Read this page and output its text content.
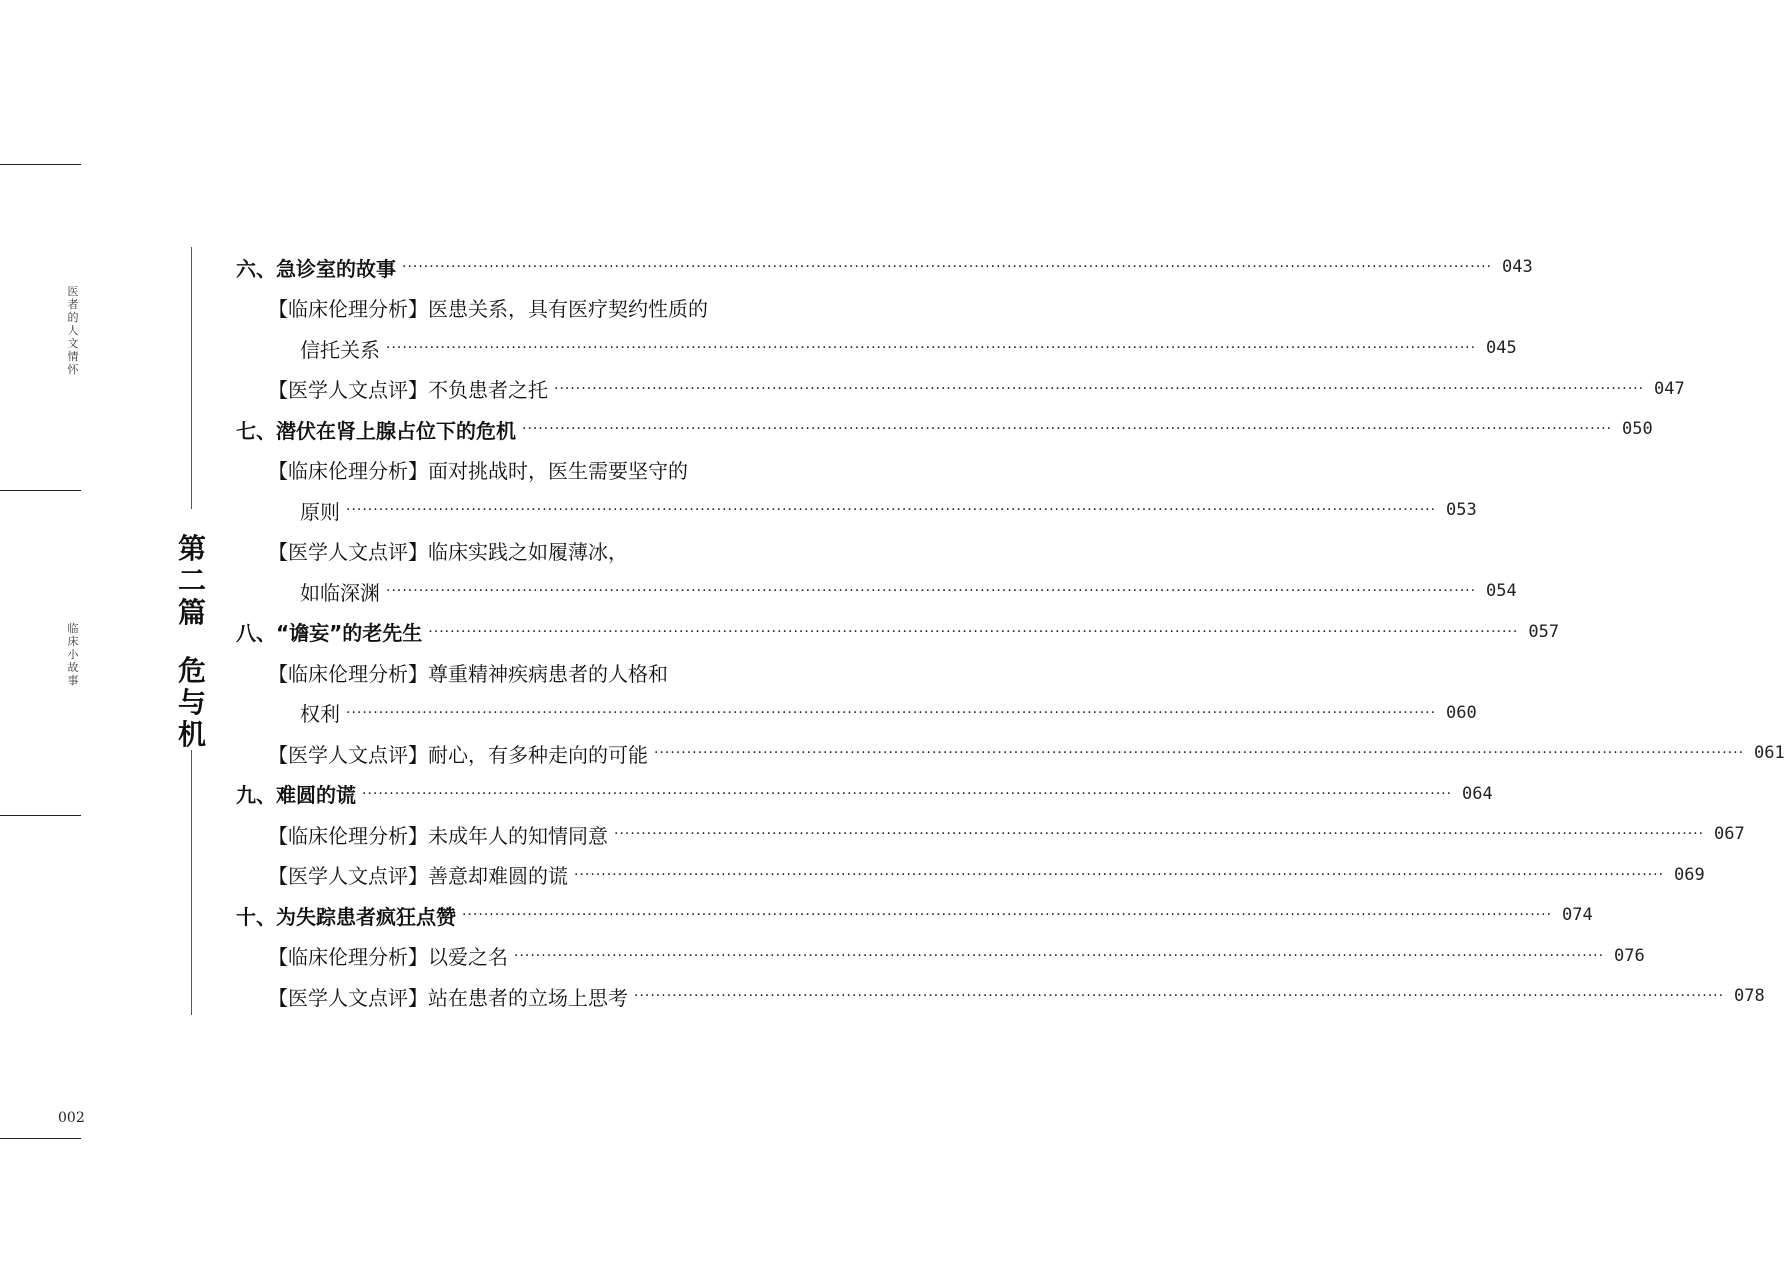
医
者
的
人
文
情
怀
临
床
小
故
事
002
第
二
篇
危
与
机
六、急诊室的故事 ········································································································································································································ 043
【临床伦理分析】医患关系，具有医疗契约性质的
信托关系 ········································································································································································································ 045
【医学人文点评】不负患者之托 ········································································································································································································ 047
七、潜伏在肾上腺占位下的危机 ········································································································································································································ 050
【临床伦理分析】面对挑战时，医生需要坚守的
原则 ········································································································································································································ 053
【医学人文点评】临床实践之如履薄冰，
如临深渊 ········································································································································································································ 054
八、“谵妄”的老先生 ········································································································································································································ 057
【临床伦理分析】尊重精神疾病患者的人格和
权利 ········································································································································································································ 060
【医学人文点评】耐心，有多种走向的可能 ········································································································································································································ 061
九、难圆的谎 ········································································································································································································ 064
【临床伦理分析】未成年人的知情同意 ········································································································································································································ 067
【医学人文点评】善意却难圆的谎 ········································································································································································································ 069
十、为失踪患者疯狂点赞 ········································································································································································································ 074
【临床伦理分析】以爱之名 ········································································································································································································ 076
【医学人文点评】站在患者的立场上思考 ········································································································································································································ 078
